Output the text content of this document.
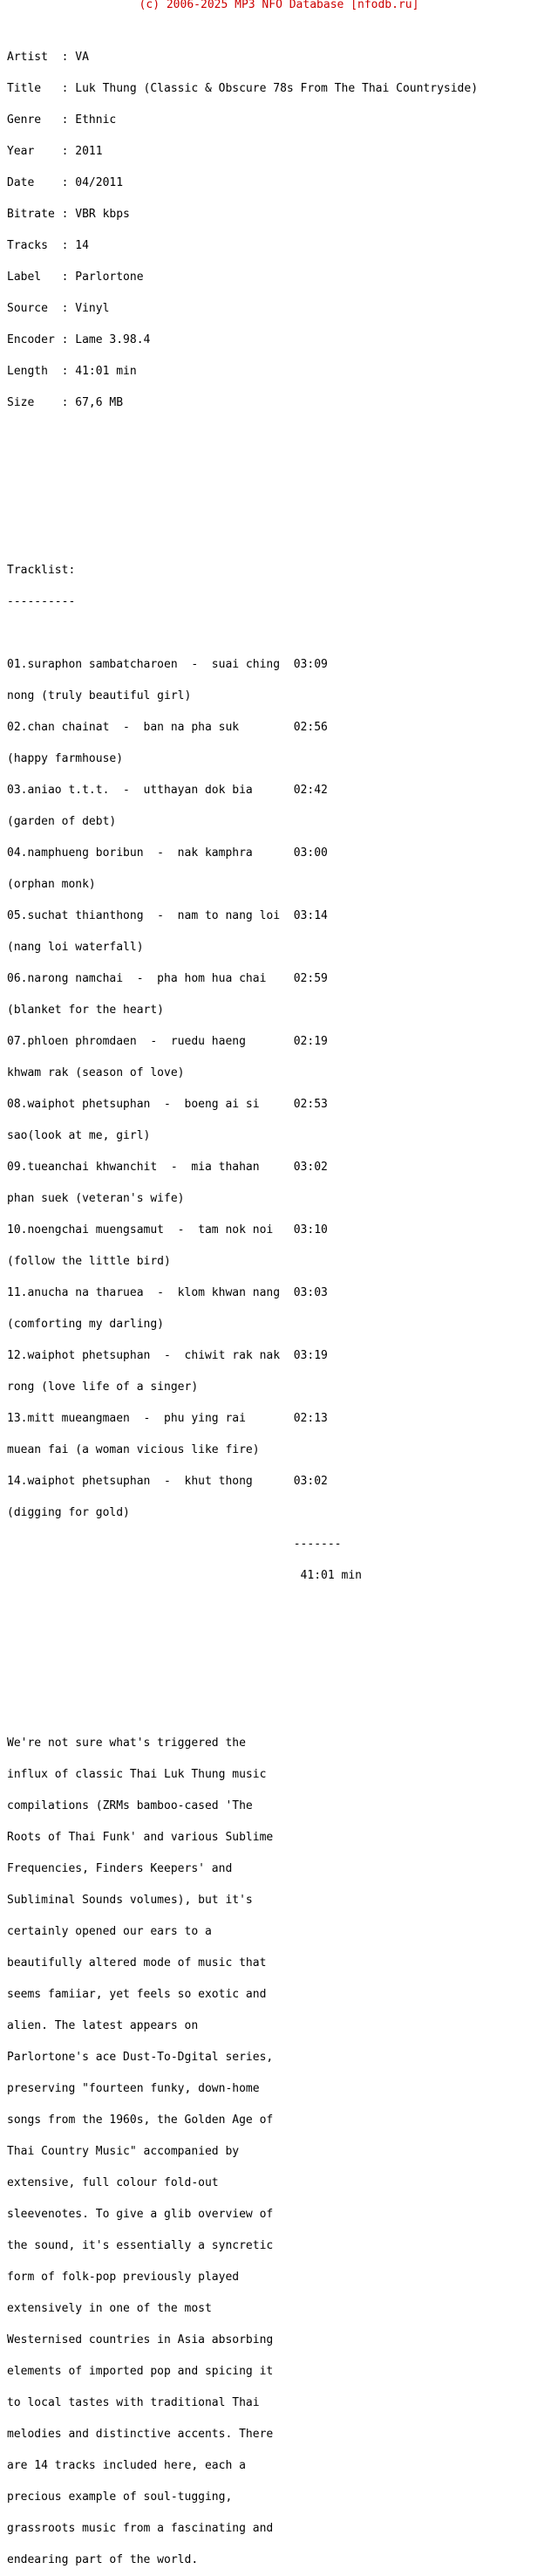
(c) 2006-2025 MP3 NFO Database [nfodb.ru]

Artist  : VA

Title   : Luk Thung (Classic & Obscure 78s From The Thai Countryside)

Genre   : Ethnic

Year    : 2011

Date    : 04/2011

Bitrate : VBR kbps

Tracks  : 14

Label   : Parlortone

Source  : Vinyl

Encoder : Lame 3.98.4

Length  : 41:01 min

Size    : 67,6 MB

Tracklist:

----------

01.suraphon sambatcharoen  -  suai ching  03:09

nong (truly beautiful girl)

02.chan chainat  -  ban na pha suk        02:56

(happy farmhouse)

03.aniao t.t.t.  -  utthayan dok bia      02:42

(garden of debt)

04.namphueng boribun  -  nak kamphra      03:00

(orphan monk)

05.suchat thianthong  -  nam to nang loi  03:14

(nang loi waterfall)

06.narong namchai  -  pha hom hua chai    02:59

(blanket for the heart)

07.phloen phromdaen  -  ruedu haeng       02:19

khwam rak (season of love)

08.waiphot phetsuphan  -  boeng ai si     02:53

sao(look at me, girl)

09.tueanchai khwanchit  -  mia thahan     03:02

phan suek (veteran's wife)

10.noengchai muengsamut  -  tam nok noi   03:10

(follow the little bird)

11.anucha na tharuea  -  klom khwan nang  03:03

(comforting my darling)

12.waiphot phetsuphan  -  chiwit rak nak  03:19

rong (love life of a singer)

13.mitt mueangmaen  -  phu ying rai       02:13

muean fai (a woman vicious like fire)

14.waiphot phetsuphan  -  khut thong      03:02

(digging for gold)

-------

41:01 min

We're not sure what's triggered the

influx of classic Thai Luk Thung music

compilations (ZRMs bamboo-cased 'The

Roots of Thai Funk' and various Sublime

Frequencies, Finders Keepers' and

Subliminal Sounds volumes), but it's

certainly opened our ears to a

beautifully altered mode of music that

seems famiiar, yet feels so exotic and

alien. The latest appears on

Parlortone's ace Dust-To-Dgital series,

preserving "fourteen funky, down-home

songs from the 1960s, the Golden Age of

Thai Country Music" accompanied by

extensive, full colour fold-out

sleevenotes. To give a glib overview of

the sound, it's essentially a syncretic

form of folk-pop previously played

extensively in one of the most

Westernised countries in Asia absorbing

elements of imported pop and spicing it

to local tastes with traditional Thai

melodies and distinctive accents. There

are 14 tracks included here, each a

precious example of soul-tugging,

grassroots music from a fascinating and

endearing part of the world.
